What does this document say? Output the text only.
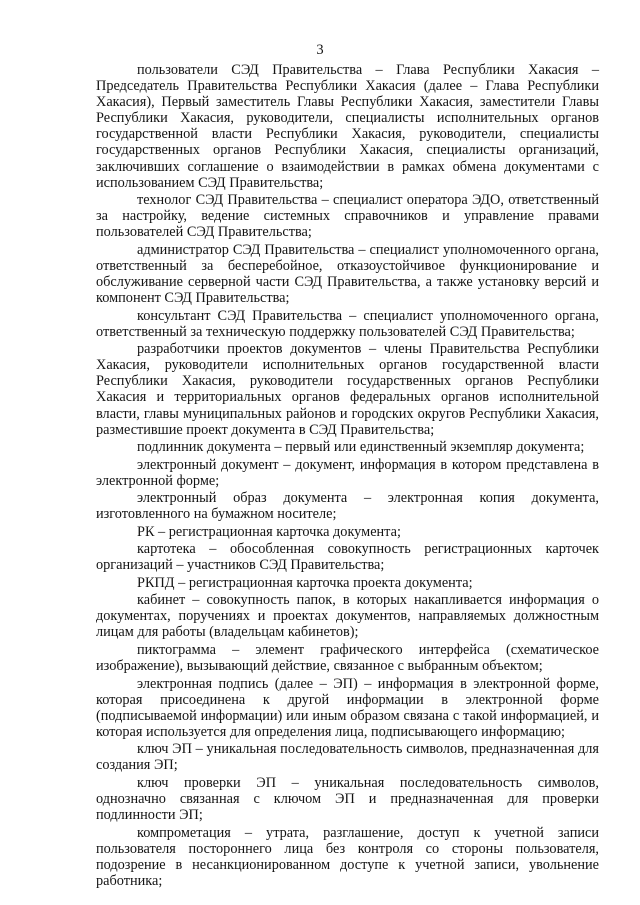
3

пользователи СЭД Правительства – Глава Республики Хакасия – Председатель Правительства Республики Хакасия (далее – Глава Республики Хакасия), Первый заместитель Главы Республики Хакасия, заместители Главы Республики Хакасия, руководители, специалисты исполнительных органов государственной власти Республики Хакасия, руководители, специалисты государственных органов Республики Хакасия, специалисты организаций, заключивших соглашение о взаимодействии в рамках обмена документами с использованием СЭД Правительства;

технолог СЭД Правительства – специалист оператора ЭДО, ответственный за настройку, ведение системных справочников и управление правами пользователей СЭД Правительства;

администратор СЭД Правительства – специалист уполномоченного органа, ответственный за бесперебойное, отказоустойчивое функционирование и обслуживание серверной части СЭД Правительства, а также установку версий и компонент СЭД Правительства;

консультант СЭД Правительства – специалист уполномоченного органа, ответственный за техническую поддержку пользователей СЭД Правительства;

разработчики проектов документов – члены Правительства Республики Хакасия, руководители исполнительных органов государственной власти Республики Хакасия, руководители государственных органов Республики Хакасия и территориальных органов федеральных органов исполнительной власти, главы муниципальных районов и городских округов Республики Хакасия, разместившие проект документа в СЭД Правительства;

подлинник документа – первый или единственный экземпляр документа;

электронный документ – документ, информация в котором представлена в электронной форме;

электронный образ документа – электронная копия документа, изготовленного на бумажном носителе;

РК – регистрационная карточка документа;

картотека – обособленная совокупность регистрационных карточек организаций – участников СЭД Правительства;

РКПД – регистрационная карточка проекта документа;

кабинет – совокупность папок, в которых накапливается информация о документах, поручениях и проектах документов, направляемых должностным лицам для работы (владельцам кабинетов);

пиктограмма – элемент графического интерфейса (схематическое изображение), вызывающий действие, связанное с выбранным объектом;

электронная подпись (далее – ЭП) – информация в электронной форме, которая присоединена к другой информации в электронной форме (подписываемой информации) или иным образом связана с такой информацией, и которая используется для определения лица, подписывающего информацию;

ключ ЭП – уникальная последовательность символов, предназначенная для создания ЭП;

ключ проверки ЭП – уникальная последовательность символов, однозначно связанная с ключом ЭП и предназначенная для проверки подлинности ЭП;

компрометация – утрата, разглашение, доступ к учетной записи пользователя постороннего лица без контроля со стороны пользователя, подозрение в несанкционированном доступе к учетной записи, увольнение работника;
